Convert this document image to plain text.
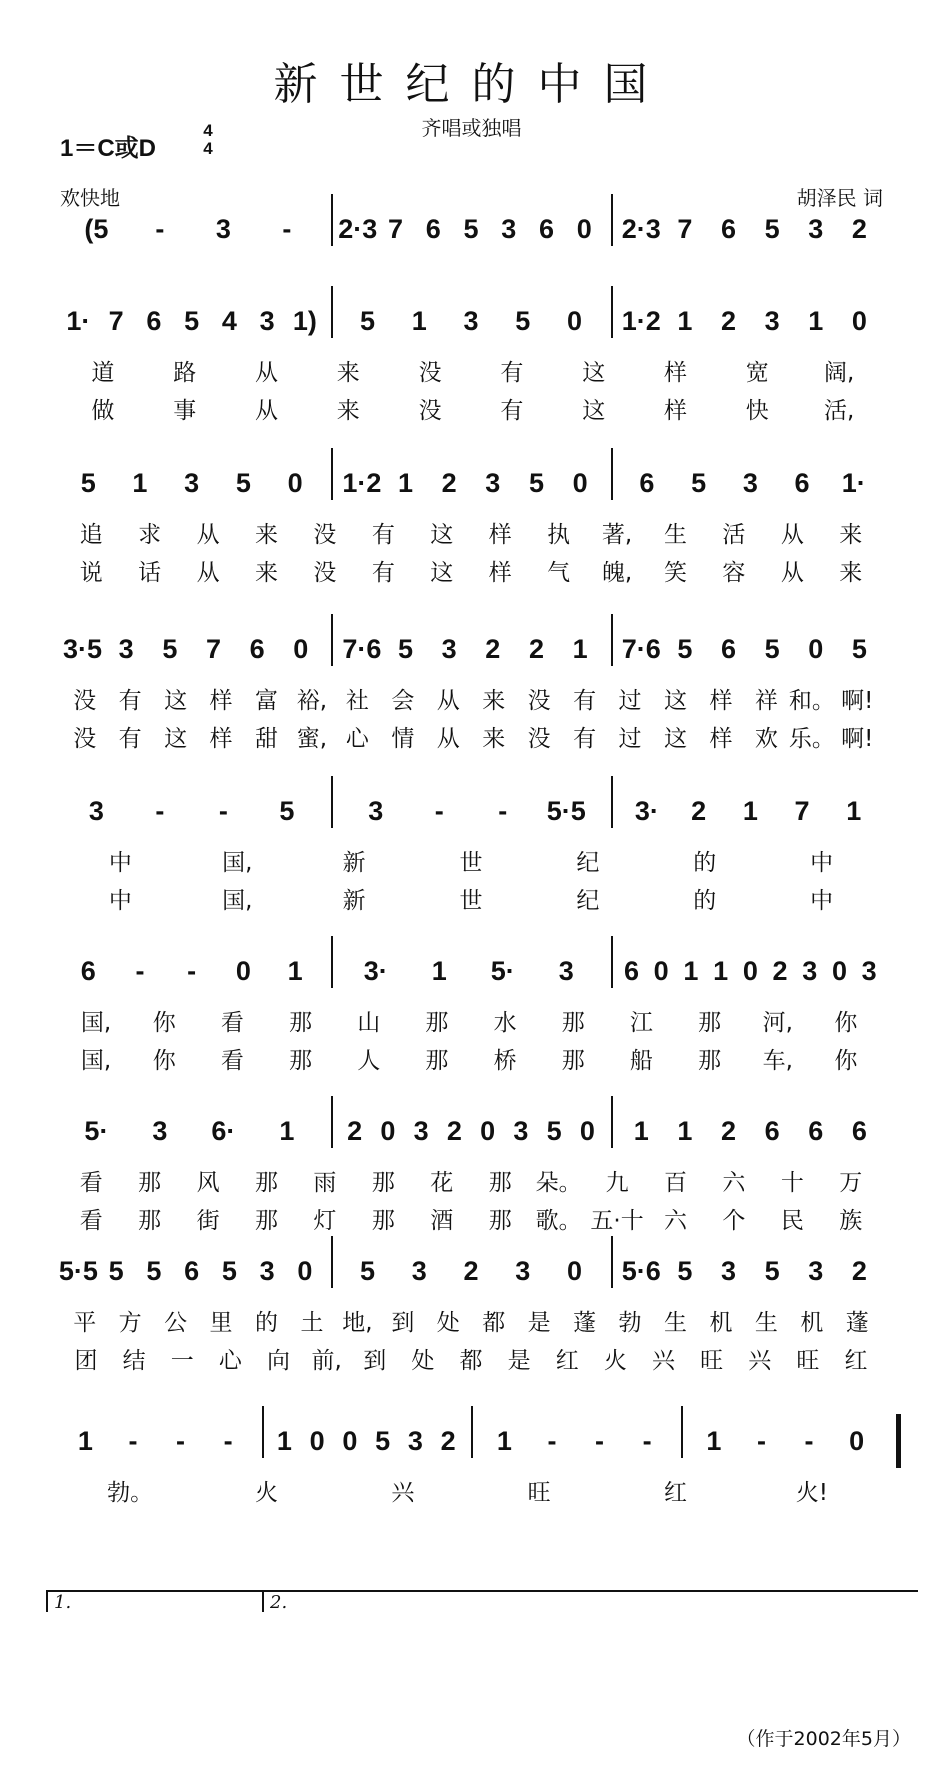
新世纪的中国
齐唱或独唱
1＝C或D
4
4
欢快地	胡泽民 词
(5 - 3 - 2·3 7 6 5 3 6 0 2·3 7 6 5 3 2
1· 7 6 5 4 3 1) 5 1 3 5 0 1·2 1 2 3 1 0
道	路	从	来	没	有	这	样	宽 阔,
做	事	从	来	没	有	这	样	快 活,
5 1 3 5 0 1·2 1 2 3 5 0 6 5 3 6 1·
追 求 从 来 没 有 这 样 执 著, 生 活 从 来
说 话 从 来 没 有 这 样 气 魄, 笑 容 从 来
3·5 3 5 7 6 0 7·6 5 3 2 2 1 7·6 5 6 5 0 5
没 有 这 样 富 裕, 社 会 从 来 没 有 过 这 样 祥 和。 啊!
没 有 这 样 甜 蜜, 心 情 从 来 没 有 过 这 样 欢 乐。 啊!
3 - - 5	3 - - 5·5 3· 2 1 7 1
中	国,	新	世	纪	的	中
中	国,	新	世	纪	的	中
6 - - 0 1 3· 1 5· 3 6 0 1 1 0 2 3 0 3
国, 你 看 那 山 那 水 那 江 那 河, 你
国, 你 看 那 人 那 桥 那 船 那 车, 你
5· 3 6· 1 2 0 3 2 0 3 5 0 1 1 2 6 6 6
看 那 风 那 雨 那 花 那 朵。 九 百 六 十 万
看 那 街 那 灯 那 酒 那 歌。 五·十 六 个 民 族
5·5 5 5 6 5 3 0 5 3 2 3 0 5·6 5 3 5 3 2
平 方 公 里 的 土 地, 到 处 都 是 蓬 勃 生 机 生 机 蓬
团 结 一 心 向 前, 到 处 都 是 红 火 兴 旺 兴 旺 红
1 - - - 1 0 0 5 3 2 1 - - - 1 - - 0
勃。	火	兴	旺	红	火!
1.	2.
（作于2002年5月）
